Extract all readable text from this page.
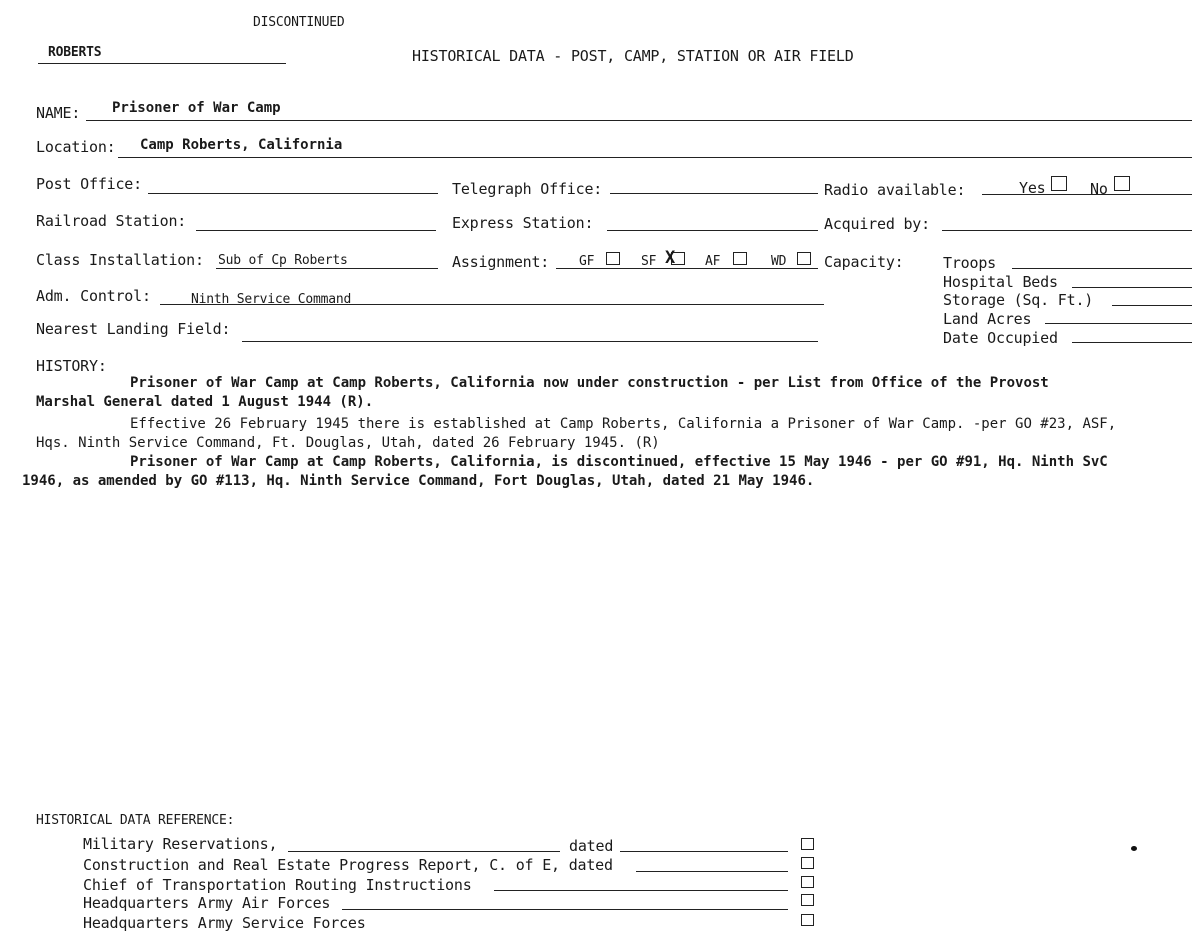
DISCONTINUED
ROBERTS	HISTORICAL DATA - POST, CAMP, STATION OR AIR FIELD
NAME: Prisoner of War Camp
Location: Camp Roberts, California
Post Office:	Telegraph Office:	Radio available:	Yes	No
Railroad Station:	Express Station:	Acquired by:
Class Installation: Sub of Cp Roberts	Assignment: GF	SF X AF	WD	Capacity:	Troops
Hospital Beds
Storage (Sq. Ft.)
Land Acres
Date Occupied
Adm. Control:	Ninth Service Command
Nearest Landing Field:
HISTORY:

Prisoner of War Camp at Camp Roberts, California now under construction - per List from Office of the Provost

Marshal General dated 1 August 1944 (R).

Effective 26 February 1945 there is established at Camp Roberts, California a Prisoner of War Camp. -per GO #23, ASF,

Hqs. Ninth Service Command, Ft. Douglas, Utah, dated 26 February 1945. (R)

Prisoner of War Camp at Camp Roberts, California, is discontinued, effective 15 May 1946 - per GO #91, Hq. Ninth SvC

1946, as amended by GO #113, Hq. Ninth Service Command, Fort Douglas, Utah, dated 21 May 1946.

HISTORICAL DATA REFERENCE:
Military Reservations,	dated
Construction and Real Estate Progress Report, C. of E, dated
Chief of Transportation Routing Instructions
Headquarters Army Air Forces
Headquarters Army Service Forces
